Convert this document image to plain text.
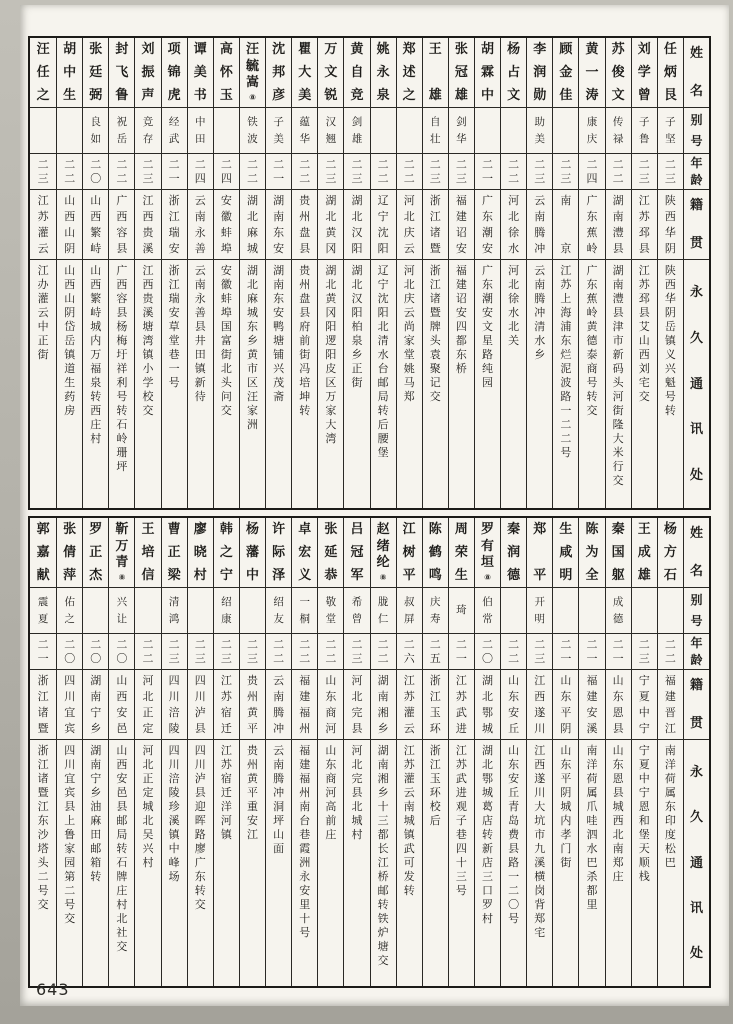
姓
名
别
号
年
龄
籍
贯
永
久
通
讯
处
任
炳
艮
子
坚
二
三
陕
西
华
阴
陕
西
华
阴
岳
镇
义
兴
魁
号
转
刘
学
曾
子
鲁
二
三
江
苏
邳
县
江
苏
邳
县
艾
山
西
刘
宅
交
苏
俊
文
传
禄
二
二
湖
南
澧
县
湖
南
澧
县
津
市
新
码
头
河
街
隆
大
米
行
交
黄
一
涛
康
庆
二
四
广
东
蕉
岭
广
东
蕉
岭
黄
德
泰
商
号
转
交
顾
金
佳
二
三
南
京
江
苏
上
海
浦
东
烂
泥
波
路
一
二
二
号
李
润
勋
助
美
二
三
云
南
腾
冲
云
南
腾
冲
清
水
乡
杨
占
文
二
二
河
北
徐
水
河
北
徐
水
北
关
胡
霖
中
二
一
广
东
潮
安
广
东
潮
安
文
星
路
纯
园
张
冠
雄
剑
华
二
三
福
建
诏
安
福
建
诏
安
四
都
东
桥
王
雄
自
壮
二
三
浙
江
诸
暨
浙
江
诸
暨
牌
头
袁
聚
记
交
郑
述
之
二
二
河
北
庆
云
河
北
庆
云
尚
家
堂
姚
马
郑
姚
永
泉
二
二
辽
宁
沈
阳
辽
宁
沈
阳
北
清
水
台
邮
局
转
后
腰
堡
黄
自
竞
剑
雄
二
三
湖
北
汉
阳
湖
北
汉
阳
柏
泉
乡
正
街
万
文
锐
汉
翘
二
三
湖
北
黄
冈
湖
北
黄
冈
阳
逻
阳
皮
区
万
家
大
湾
瞿
大
美
蕴
华
二
二
贵
州
盘
县
贵
州
盘
县
府
前
街
冯
培
坤
转
沈
邦
彦
子
美
二
一
湖
南
东
安
湖
南
东
安
鸭
塘
铺
兴
茂
斋
汪
毓
嵩
⑧
铁
波
二
二
湖
北
麻
城
湖
北
麻
城
东
乡
黄
市
区
汪
家
洲
高
怀
玉
二
四
安
徽
蚌
埠
安
徽
蚌
埠
国
富
街
北
头
问
交
谭
美
书
中
田
二
四
云
南
永
善
云
南
永
善
县
井
田
镇
新
待
项
锦
虎
经
武
二
一
浙
江
瑞
安
浙
江
瑞
安
草
堂
巷
一
号
刘
振
声
竞
存
二
三
江
西
贵
溪
江
西
贵
溪
塘
湾
镇
小
学
校
交
封
飞
鲁
祝
岳
二
二
广
西
容
县
广
西
容
县
杨
梅
圩
祥
利
号
转
石
岭
珊
坪
张
廷
弼
良
如
二
〇
山
西
繁
峙
山
西
繁
峙
城
内
万
福
泉
转
西
庄
村
胡
中
生
二
二
山
西
山
阴
山
西
山
阴
岱
岳
镇
道
生
药
房
汪
任
之
二
三
江
苏
灌
云
江
办
灌
云
中
正
街
姓
名
别
号
年
龄
籍
贯
永
久
通
讯
处
杨
方
石
二
二
福
建
晋
江
南
洋
荷
属
东
印
度
松
巴
王
成
雄
二
三
宁
夏
中
宁
宁
夏
中
宁
恩
和
堡
天
顺
栈
秦
国
躯
成
德
二
一
山
东
恩
县
山
东
恩
县
城
西
北
南
郑
庄
陈
为
全
二
一
福
建
安
溪
南
洋
荷
属
爪
哇
泗
水
巴
杀
都
里
生
咸
明
二
一
山
东
平
阴
山
东
平
阴
城
内
孝
门
街
郑
平
开
明
二
三
江
西
遂
川
江
西
遂
川
大
坑
市
九
溪
横
岗
背
郑
宅
秦
润
德
二
二
山
东
安
丘
山
东
安
丘
青
岛
费
县
路
一
二
〇
号
罗
有
垣
⑧
伯
常
二
〇
湖
北
鄂
城
湖
北
鄂
城
葛
店
转
新
店
三
口
罗
村
周
荣
生
琦
二
一
江
苏
武
进
江
苏
武
进
观
子
巷
四
十
三
号
陈
鹤
鸣
庆
寿
二
五
浙
江
玉
环
浙
江
玉
环
校
后
江
树
平
叔
屏
二
六
江
苏
灌
云
江
苏
灌
云
南
城
镇
武
可
发
转
赵
绪
纶
⑧
胧
仁
二
二
湖
南
湘
乡
湖
南
湘
乡
十
三
都
长
江
桥
邮
转
铁
炉
塘
交
吕
冠
军
希
曾
二
三
河
北
完
县
河
北
完
县
北
城
村
张
延
恭
敬
堂
二
二
山
东
商
河
山
东
商
河
高
前
庄
卓
宏
义
一
桐
二
二
福
建
福
州
福
建
福
州
南
台
巷
霞
洲
永
安
里
十
号
许
际
泽
绍
友
二
二
云
南
腾
冲
云
南
腾
冲
洞
坪
山
面
杨
藩
中
二
三
贵
州
黄
平
贵
州
黄
平
重
安
江
韩
之
宁
绍
康
二
三
江
苏
宿
迁
江
苏
宿
迁
洋
河
镇
廖
晓
村
二
三
四
川
泸
县
四
川
泸
县
迎
晖
路
廖
广
东
转
交
曹
正
梁
清
鸿
二
三
四
川
涪
陵
四
川
涪
陵
珍
溪
镇
中
峰
场
王
培
信
二
二
河
北
正
定
河
北
正
定
城
北
吴
兴
村
靳
万
青
⑧
兴
让
二
〇
山
西
安
邑
山
西
安
邑
县
邮
局
转
石
牌
庄
村
北
社
交
罗
正
杰
二
〇
湖
南
宁
乡
湖
南
宁
乡
油
麻
田
邮
箱
转
张
倩
萍
佑
之
二
〇
四
川
宜
宾
四
川
宜
宾
县
上
鲁
家
园
第
二
号
交
郭
嘉
献
震
夏
二
一
浙
江
诸
暨
浙
江
诸
暨
江
东
沙
塔
头
二
号
交
643
